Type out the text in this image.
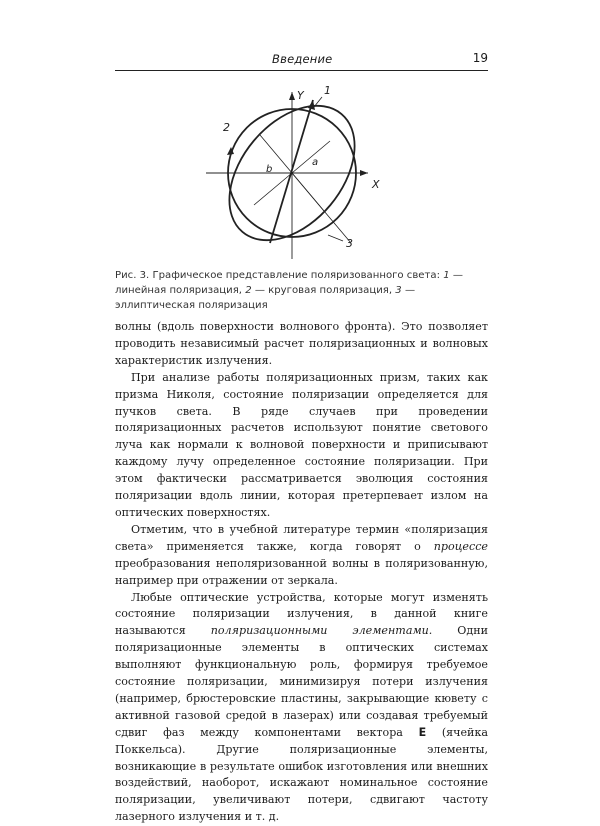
Введение	19
Y
X
1
2
3
a
b
Рис. 3. Графическое представление поляризованного света: 1 — линейная поляризация, 2 — круговая поляризация, 3 — эллиптическая поляризация

волны (вдоль поверхности волнового фронта). Это позволяет проводить независимый расчет поляризационных и волновых характеристик излучения.

При анализе работы поляризационных призм, таких как призма Николя, состояние поляризации определяется для пучков света. В ряде случаев при проведении поляризационных расчетов используют понятие светового луча как нормали к волновой поверхности и приписывают каждому лучу определенное состояние поляризации. При этом фактически рассматривается эволюция состояния поляризации вдоль линии, которая претерпевает излом на оптических поверхностях.

Отметим, что в учебной литературе термин «поляризация света» применяется также, когда говорят о процессе преобразования неполяризованной волны в поляризованную, например при отражении от зеркала.

Любые оптические устройства, которые могут изменять состояние поляризации излучения, в данной книге называются поляризационными элементами. Одни поляризационные элементы в оптических системах выполняют функциональную роль, формируя требуемое состояние поляризации, минимизируя потери излучения (например, брюстеровские пластины, закрывающие кювету с активной газовой средой в лазерах) или создавая требуемый сдвиг фаз между компонентами вектора E (ячейка Поккельса). Другие поляризационные элементы, возникающие в результате ошибок изготовления или внешних воздействий, наоборот, искажают номинальное состояние поляризации, увеличивают потери, сдвигают частоту лазерного излучения и т. д.
